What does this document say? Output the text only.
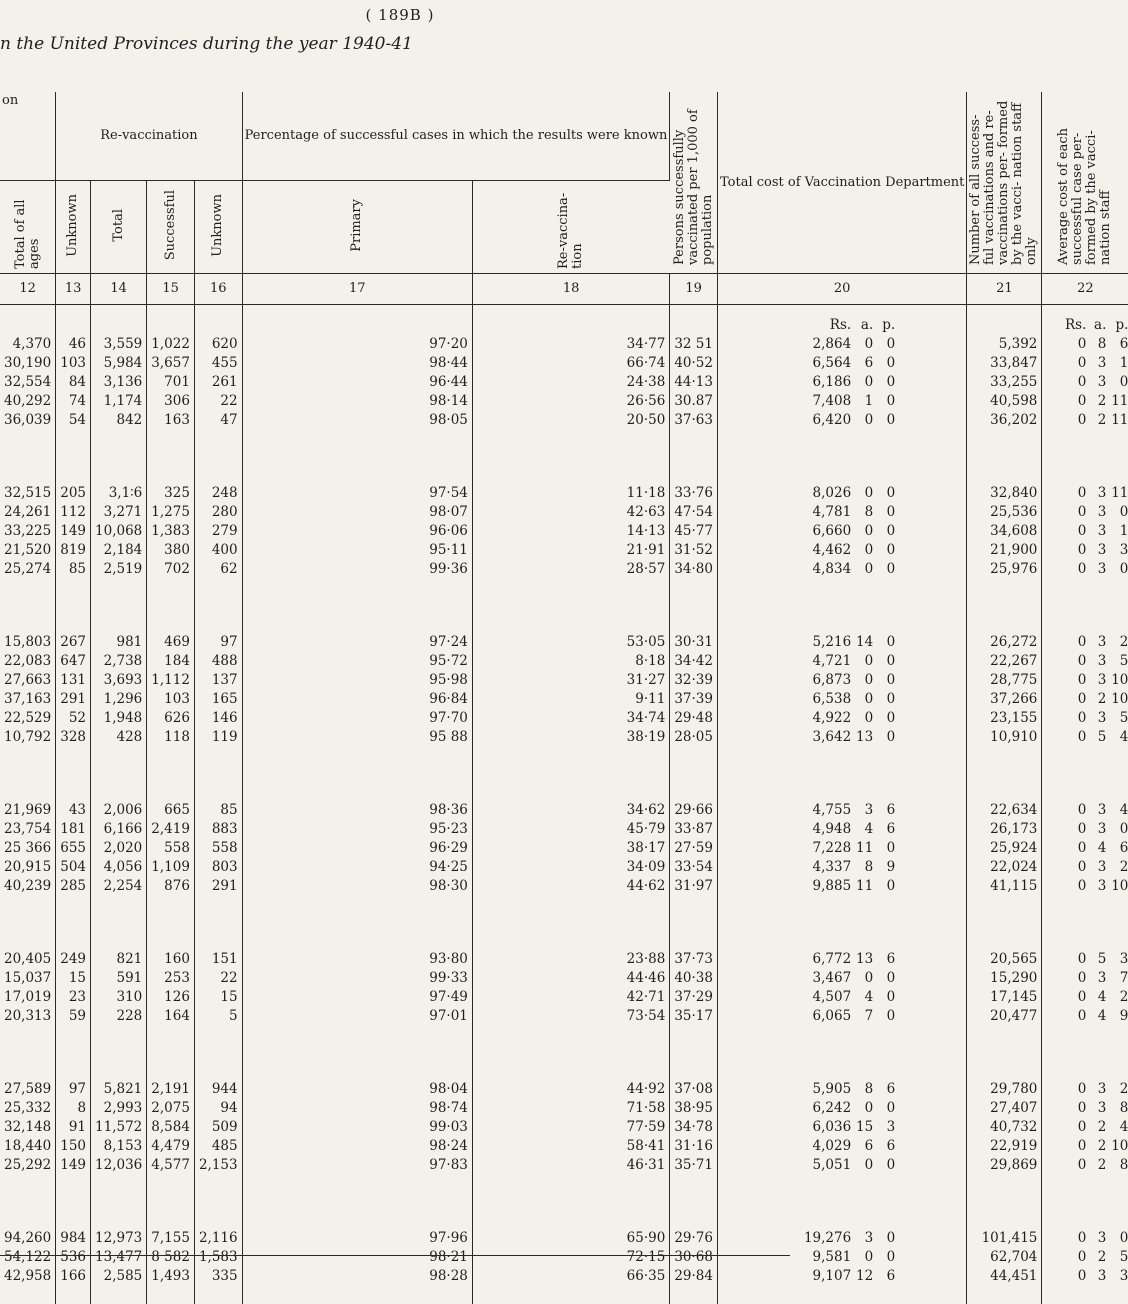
( 189B )
n the United Provinces during the year 1940-41
on	Re-vaccination				Percentage of successful cases in which the results were known		Persons successfully vaccinated per 1,000 of population	Total cost of Vaccination Department	Number of all success- ful vaccinations and re-vaccinations per- formed by the vacci- nation staff only	Average cost of each successful case per- formed by the vacci- nation staff
Total of all ages	Unknown	Total	Successful	Unknown	Primary	Re-vaccina- tion				
12	13	14	15	16	17	18	19	20	21	22
								Rs. a. p.		Rs. a. p.
4,370	46	3,559	1,022	620	97·20	34·77	32 51	2,864 0 0	5,392	0 8 6
30,190	103	5,984	3,657	455	98·44	66·74	40·52	6,564 6 0	33,847	0 3 1
32,554	84	3,136	701	261	96·44	24·38	44·13	6,186 0 0	33,255	0 3 0
40,292	74	1,174	306	22	98·14	26·56	30.87	7,408 1 0	40,598	0 2 11
36,039	54	842	163	47	98·05	20·50	37·63	6,420 0 0	36,202	0 2 11

32,515	205	3,1∶6	325	248	97·54	11·18	33·76	8,026 0 0	32,840	0 3 11
24,261	112	3,271	1,275	280	98·07	42·63	47·54	4,781 8 0	25,536	0 3 0
33,225	149	10,068	1,383	279	96·06	14·13	45·77	6,660 0 0	34,608	0 3 1
21,520	819	2,184	380	400	95·11	21·91	31·52	4,462 0 0	21,900	0 3 3
25,274	85	2,519	702	62	99·36	28·57	34·80	4,834 0 0	25,976	0 3 0

15,803	267	981	469	97	97·24	53·05	30·31	5,216 14 0	26,272	0 3 2
22,083	647	2,738	184	488	95·72	8·18	34·42	4,721 0 0	22,267	0 3 5
27,663	131	3,693	1,112	137	95·98	31·27	32·39	6,873 0 0	28,775	0 3 10
37,163	291	1,296	103	165	96·84	9·11	37·39	6,538 0 0	37,266	0 2 10
22,529	52	1,948	626	146	97·70	34·74	29·48	4,922 0 0	23,155	0 3 5
10,792	328	428	118	119	95 88	38·19	28·05	3,642 13 0	10,910	0 5 4

21,969	43	2,006	665	85	98·36	34·62	29·66	4,755 3 6	22,634	0 3 4
23,754	181	6,166	2,419	883	95·23	45·79	33·87	4,948 4 6	26,173	0 3 0
25 366	655	2,020	558	558	96·29	38·17	27·59	7,228 11 0	25,924	0 4 6
20,915	504	4,056	1,109	803	94·25	34·09	33·54	4,337 8 9	22,024	0 3 2
40,239	285	2,254	876	291	98·30	44·62	31·97	9,885 11 0	41,115	0 3 10

20,405	249	821	160	151	93·80	23·88	37·73	6,772 13 6	20,565	0 5 3
15,037	15	591	253	22	99·33	44·46	40·38	3,467 0 0	15,290	0 3 7
17,019	23	310	126	15	97·49	42·71	37·29	4,507 4 0	17,145	0 4 2
20,313	59	228	164	5	97·01	73·54	35·17	6,065 7 0	20,477	0 4 9

27,589	97	5,821	2,191	944	98·04	44·92	37·08	5,905 8 6	29,780	0 3 2
25,332	8	2,993	2,075	94	98·74	71·58	38·95	6,242 0 0	27,407	0 3 8
32,148	91	11,572	8,584	509	99·03	77·59	34·78	6,036 15 3	40,732	0 2 4
18,440	150	8,153	4,479	485	98·24	58·41	31·16	4,029 6 6	22,919	0 2 10
25,292	149	12,036	4,577	2,153	97·83	46·31	35·71	5,051 0 0	29,869	0 2 8

94,260	984	12,973	7,155	2,116	97·96	65·90	29·76	19,276 3 0	101,415	0 3 0
54,122	536	13,477	8 582	1,583	98·21	72·15	30·68	9,581 0 0	62,704	0 2 5
42,958	166	2,585	1,493	335	98·28	66·35	29·84	9,107 12 6	44,451	0 3 3
